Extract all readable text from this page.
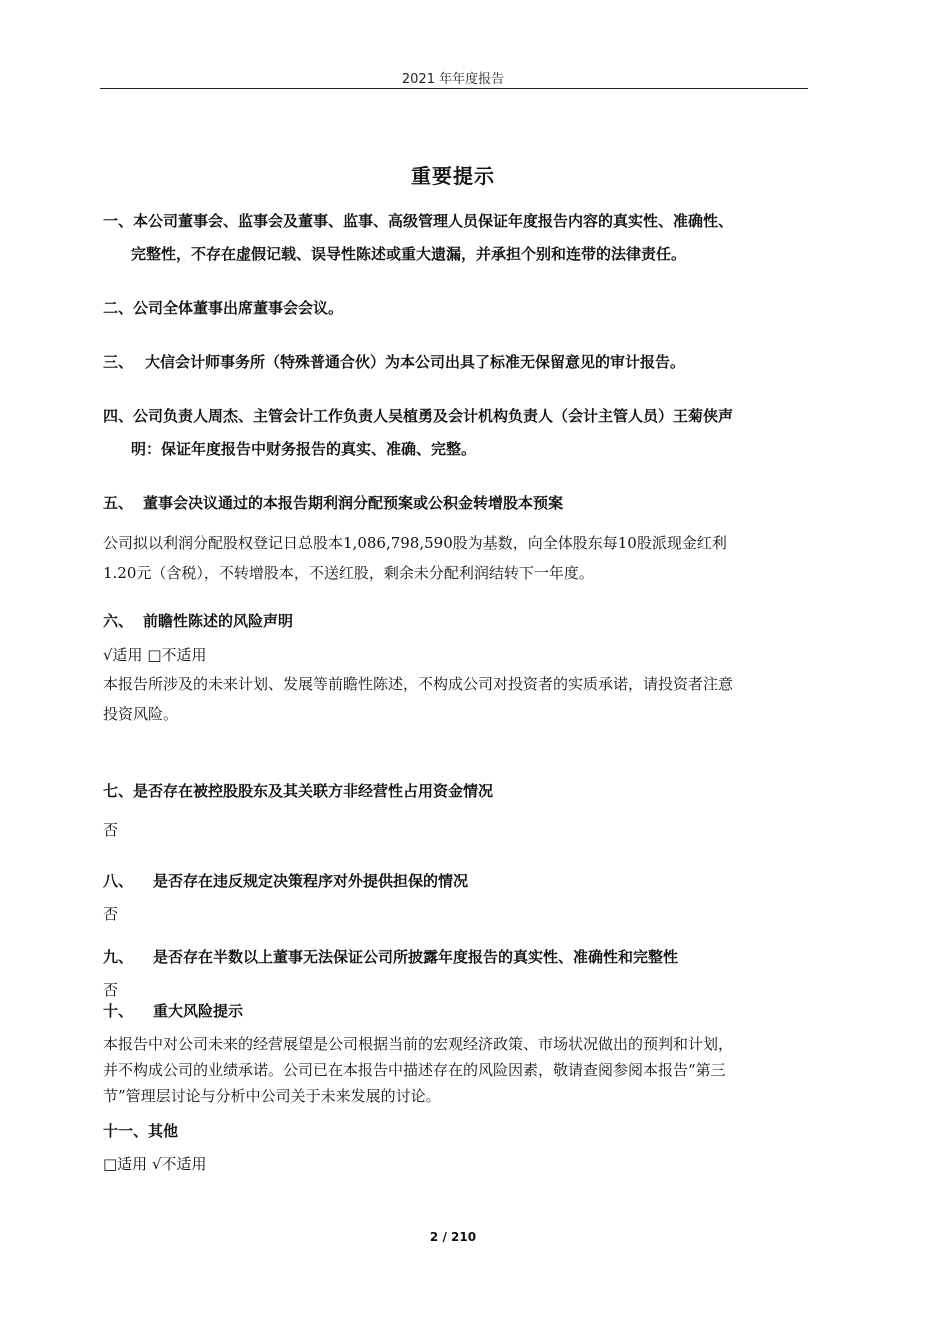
2021 年年度报告
重要提示
一、本公司董事会、监事会及董事、监事、高级管理人员保证年度报告内容的真实性、准确性、
完整性，不存在虚假记载、误导性陈述或重大遗漏，并承担个别和连带的法律责任。
二、公司全体董事出席董事会会议。
三、 大信会计师事务所（特殊普通合伙）为本公司出具了标准无保留意见的审计报告。
四、公司负责人周杰、主管会计工作负责人吴植勇及会计机构负责人（会计主管人员）王菊侠声
明：保证年度报告中财务报告的真实、准确、完整。
五、 董事会决议通过的本报告期利润分配预案或公积金转增股本预案
公司拟以利润分配股权登记日总股本1,086,798,590股为基数，向全体股东每10股派现金红利
1.20元（含税），不转增股本，不送红股，剩余未分配利润结转下一年度。
六、 前瞻性陈述的风险声明
√适用 □不适用
本报告所涉及的未来计划、发展等前瞻性陈述，不构成公司对投资者的实质承诺，请投资者注意
投资风险。
七、是否存在被控股股东及其关联方非经营性占用资金情况
否
八、 是否存在违反规定决策程序对外提供担保的情况
否
九、 是否存在半数以上董事无法保证公司所披露年度报告的真实性、准确性和完整性
否
十、 重大风险提示
本报告中对公司未来的经营展望是公司根据当前的宏观经济政策、市场状况做出的预判和计划，
并不构成公司的业绩承诺。公司已在本报告中描述存在的风险因素，敬请查阅参阅本报告“第三
节”管理层讨论与分析中公司关于未来发展的讨论。
十一、其他
□适用 √不适用
2 / 210
